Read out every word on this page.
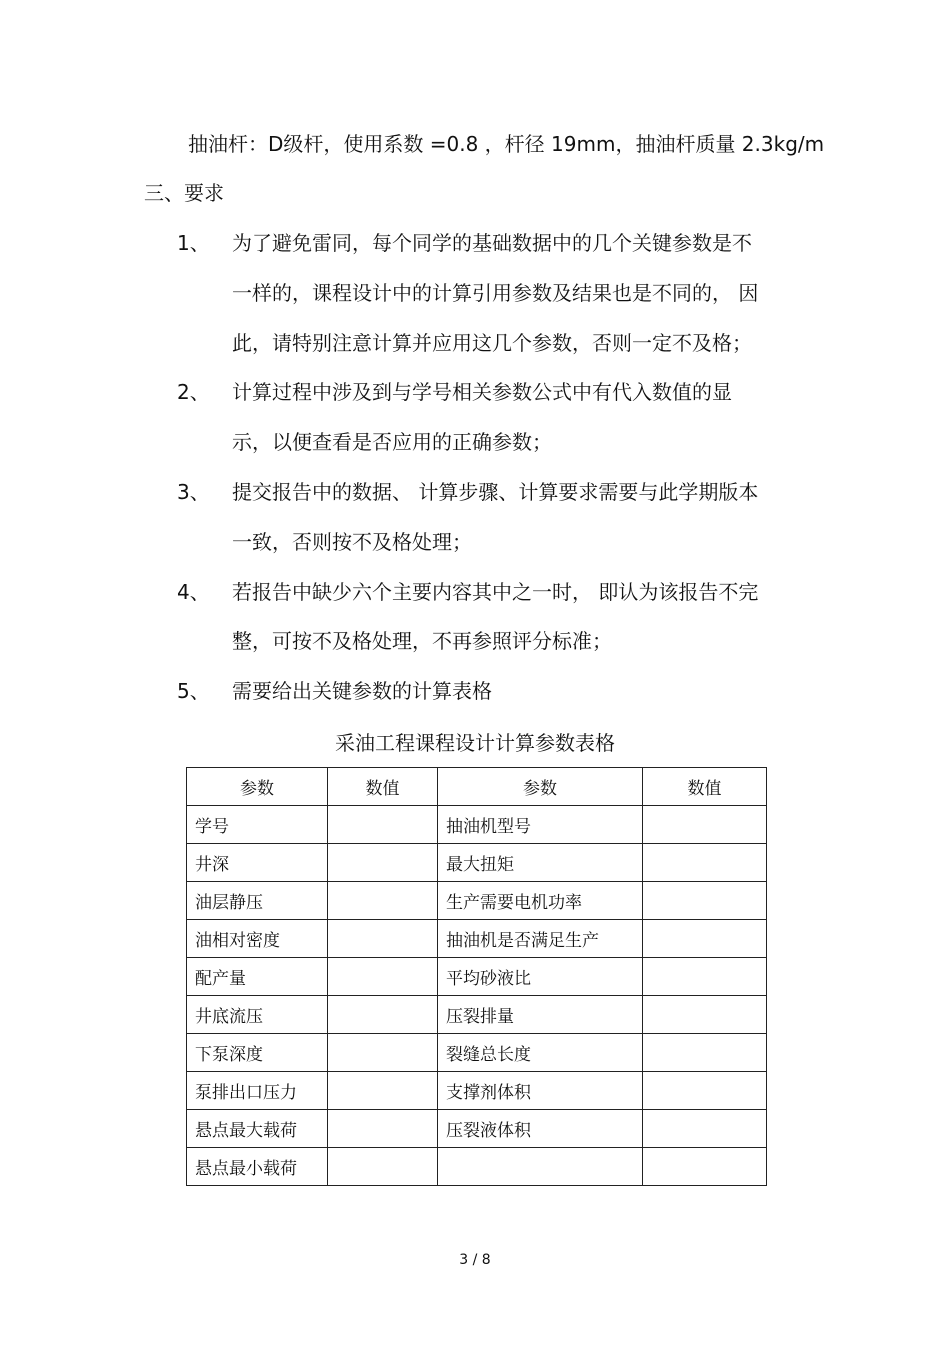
抽油杆：D级杆，使用系数 =0.8 ，杆径 19mm，抽油杆质量 2.3kg/m
三、要求
1、 为了避免雷同，每个同学的基础数据中的几个关键参数是不
一样的，课程设计中的计算引用参数及结果也是不同的， 因
此，请特别注意计算并应用这几个参数，否则一定不及格；
2、 计算过程中涉及到与学号相关参数公式中有代入数值的显
示，以便查看是否应用的正确参数；
3、 提交报告中的数据、 计算步骤、计算要求需要与此学期版本
一致，否则按不及格处理；
4、 若报告中缺少六个主要内容其中之一时， 即认为该报告不完
整，可按不及格处理，不再参照评分标准；
5、 需要给出关键参数的计算表格
采油工程课程设计计算参数表格
参数	数值	参数	数值
学号		抽油机型号	
井深		最大扭矩	
油层静压		生产需要电机功率	
油相对密度		抽油机是否满足生产	
配产量		平均砂液比	
井底流压		压裂排量	
下泵深度		裂缝总长度	
泵排出口压力		支撑剂体积	
悬点最大载荷		压裂液体积	
悬点最小载荷			
3 / 8
